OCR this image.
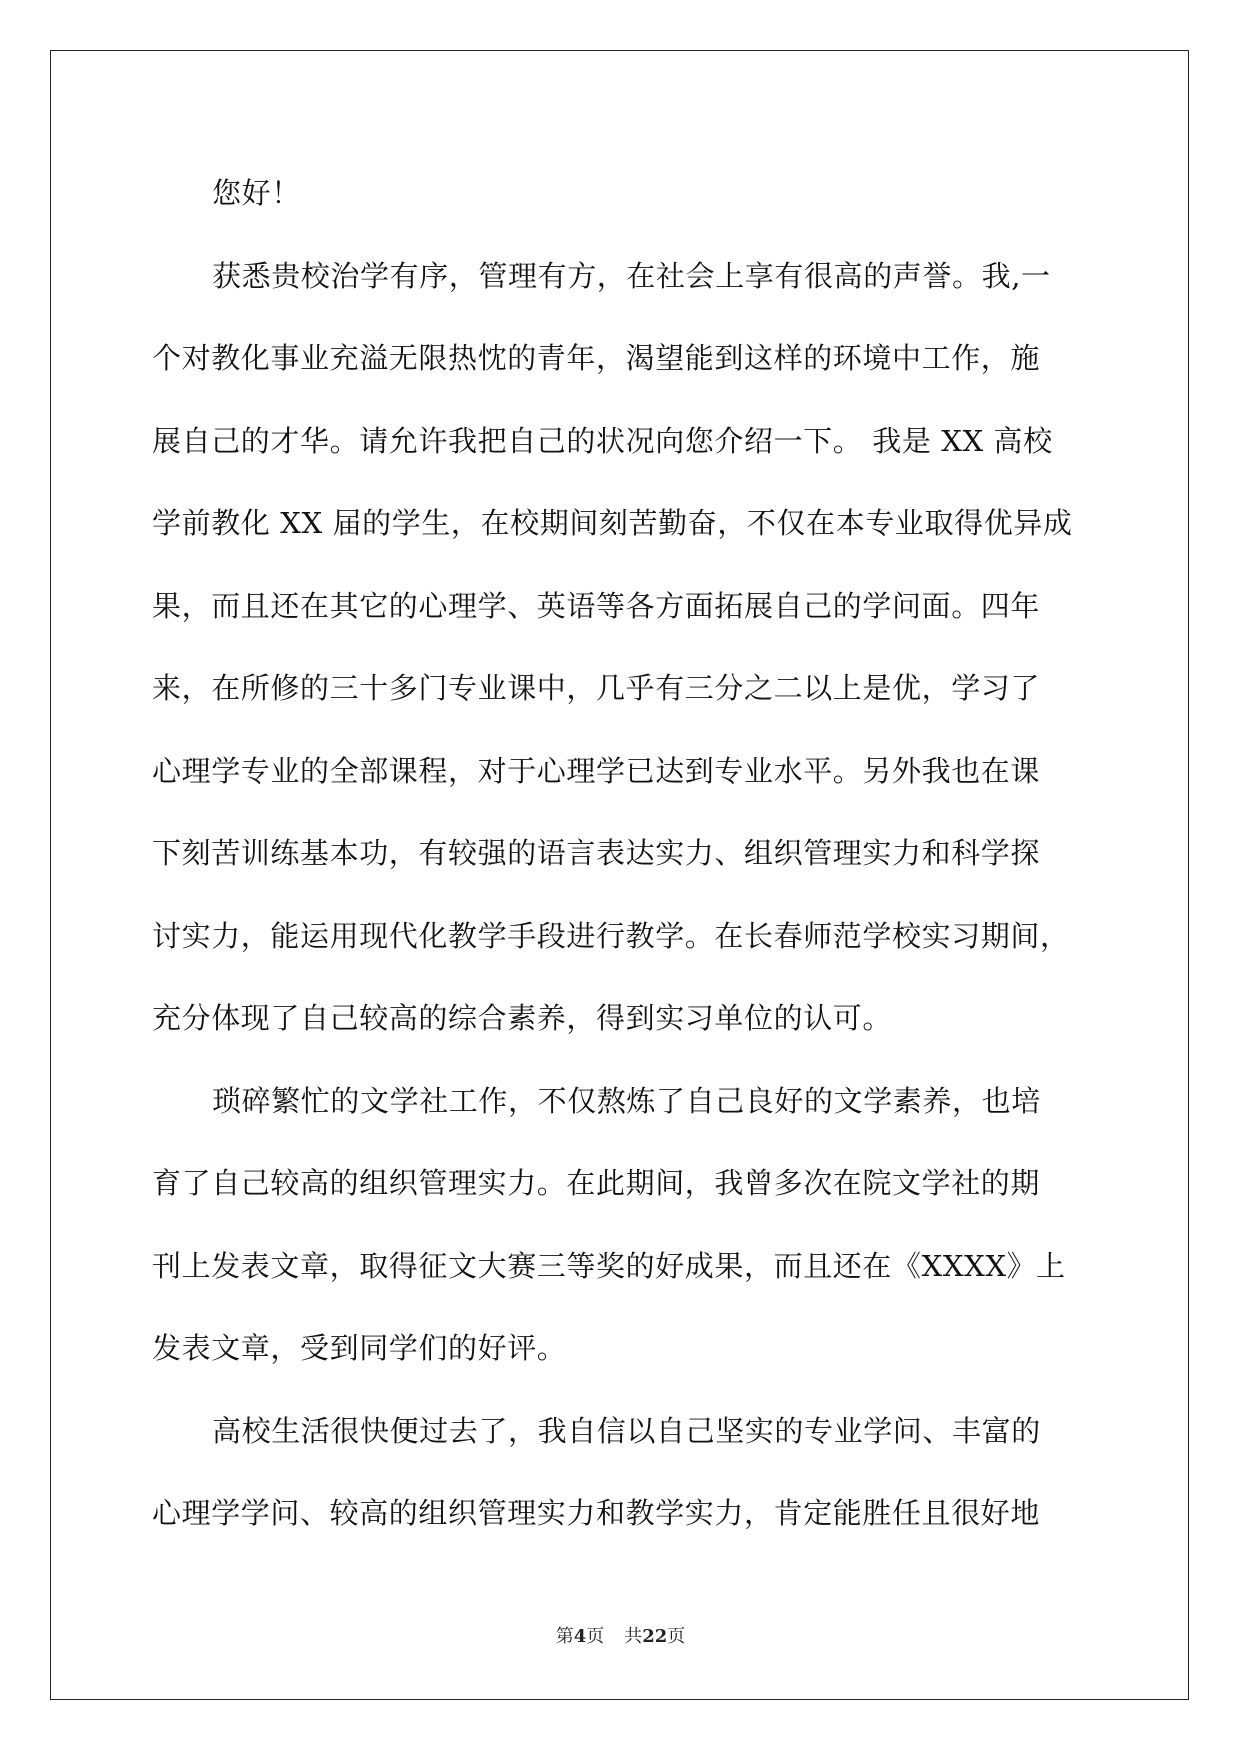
您好！
获悉贵校治学有序，管理有方，在社会上享有很高的声誉。我,一
个对教化事业充溢无限热忱的青年，渴望能到这样的环境中工作，施
展自己的才华。请允许我把自己的状况向您介绍一下。 我是 XX 高校
学前教化 XX 届的学生，在校期间刻苦勤奋，不仅在本专业取得优异成
果，而且还在其它的心理学、英语等各方面拓展自己的学问面。四年
来，在所修的三十多门专业课中，几乎有三分之二以上是优，学习了
心理学专业的全部课程，对于心理学已达到专业水平。另外我也在课
下刻苦训练基本功，有较强的语言表达实力、组织管理实力和科学探
讨实力，能运用现代化教学手段进行教学。在长春师范学校实习期间，
充分体现了自己较高的综合素养，得到实习单位的认可。
琐碎繁忙的文学社工作，不仅熬炼了自己良好的文学素养，也培
育了自己较高的组织管理实力。在此期间，我曾多次在院文学社的期
刊上发表文章，取得征文大赛三等奖的好成果，而且还在《XXXX》上
发表文章，受到同学们的好评。
高校生活很快便过去了，我自信以自己坚实的专业学问、丰富的
心理学学问、较高的组织管理实力和教学实力，肯定能胜任且很好地
第4页 共22页
